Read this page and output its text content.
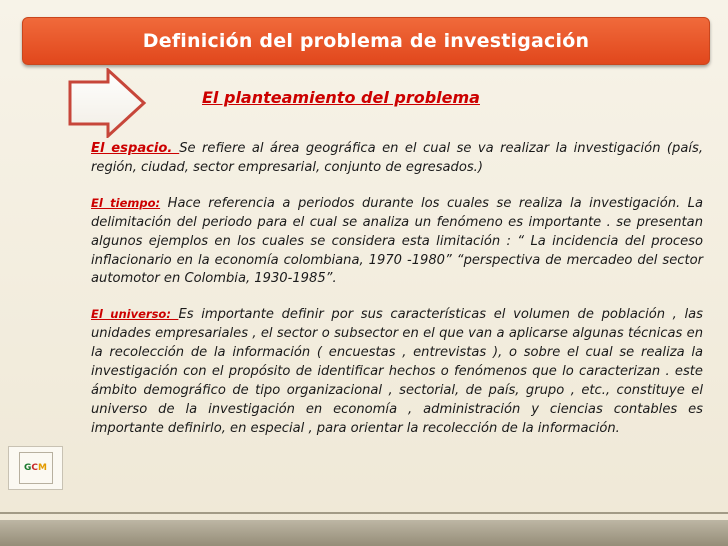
Definición del problema de investigación
El planteamiento del problema

El espacio. Se refiere al área geográfica en el cual se va realizar la investigación (país, región, ciudad, sector empresarial, conjunto de egresados.)

El tiempo: Hace referencia a periodos durante los cuales se realiza la investigación. La delimitación del periodo para el cual se analiza un fenómeno es importante . se presentan algunos ejemplos en los cuales se considera esta limitación : “ La incidencia del proceso inflacionario en la economía colombiana, 1970 -1980” “perspectiva de mercadeo del sector automotor en Colombia, 1930-1985”.

El universo: Es importante definir por sus características el volumen de población , las unidades empresariales , el sector o subsector en el que van a aplicarse algunas técnicas en la recolección de la información ( encuestas , entrevistas ), o sobre el cual se realiza la investigación con el propósito de identificar hechos o fenómenos que lo caracterizan . este ámbito demográfico de tipo organizacional , sectorial, de país, grupo , etc., constituye el universo de la investigación en economía , administración y ciencias contables es importante definirlo, en especial , para orientar la recolección de la información.

G C M
